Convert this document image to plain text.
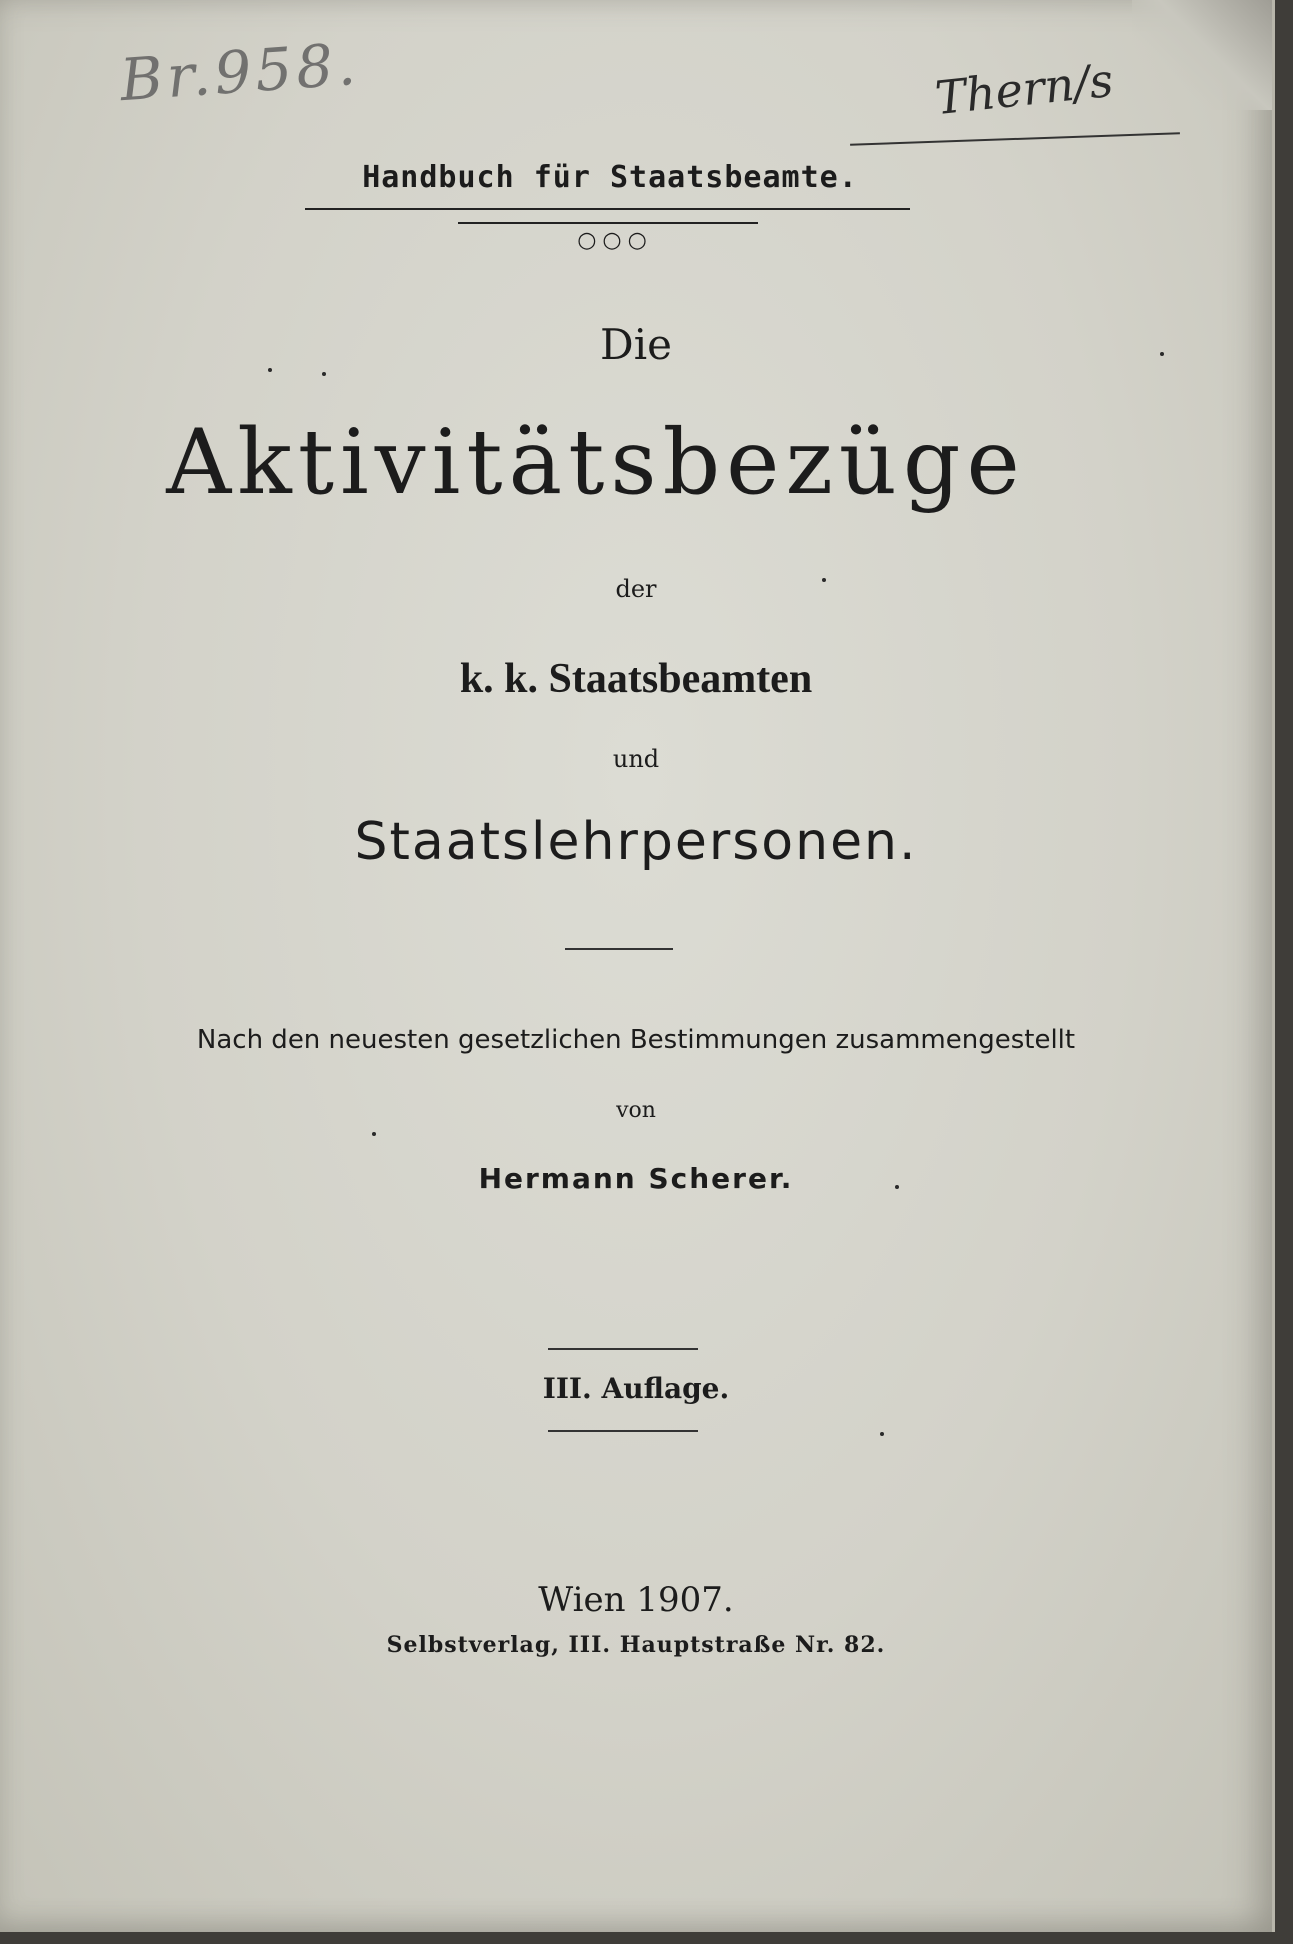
Br.958.	Thern/s
Handbuch für Staatsbeamte.
○○○
Die
Aktivitätsbezüge
der
k. k. Staatsbeamten
und
Staatslehrpersonen.
Nach den neuesten gesetzlichen Bestimmungen zusammengestellt
von
Hermann Scherer.
III. Auflage.
Wien 1907.
Selbstverlag, III. Hauptstraße Nr. 82.
